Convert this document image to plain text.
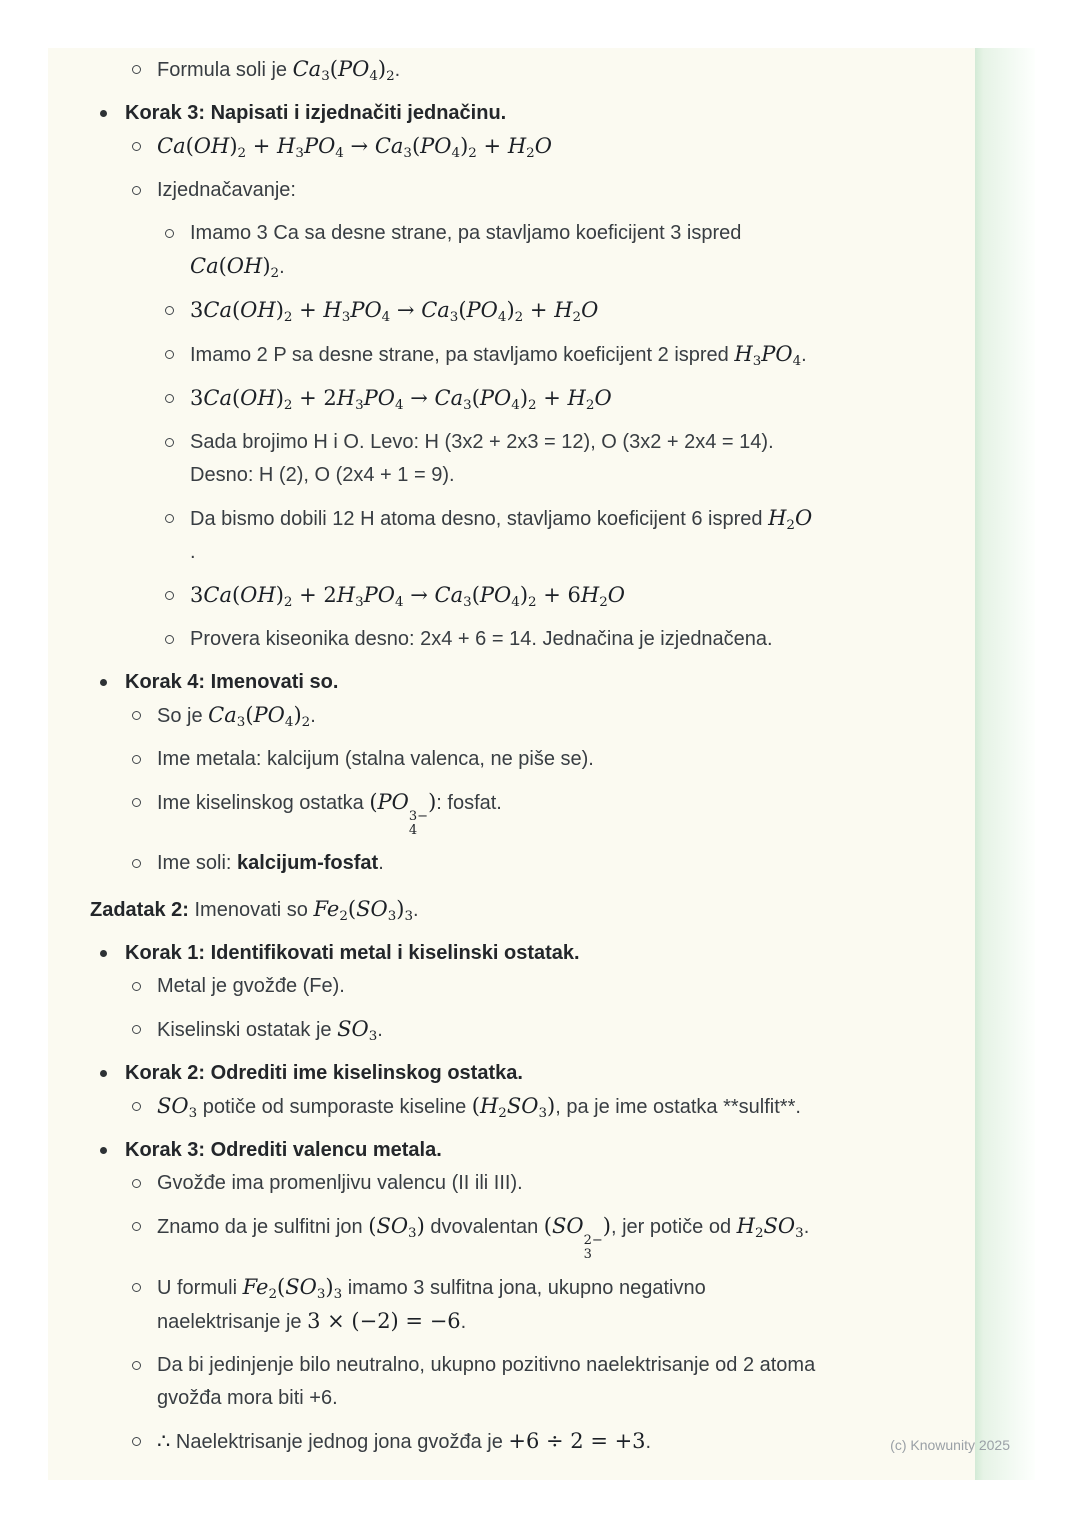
Formula soli je $Ca_3(PO_4)_2$.
Korak 3: Napisati i izjednačiti jednačinu.
$Ca(OH)_2 + H_3PO_4 \to Ca_3(PO_4)_2 + H_2O$
Izjednačavanje:
Imamo 3 Ca sa desne strane, pa stavljamo koeficijent 3 ispred
$Ca(OH)_2$.
$3Ca(OH)_2 + H_3PO_4 \to Ca_3(PO_4)_2 + H_2O$
Imamo 2 P sa desne strane, pa stavljamo koeficijent 2 ispred $H_3PO_4$.
$3Ca(OH)_2 + 2H_3PO_4 \to Ca_3(PO_4)_2 + H_2O$
Sada brojimo H i O. Levo: H (3x2 + 2x3 = 12), O (3x2 + 2x4 = 14).
Desno: H (2), O (2x4 + 1 = 9).
Da bismo dobili 12 H atoma desno, stavljamo koeficijent 6 ispred $H_2O$
.
$3Ca(OH)_2 + 2H_3PO_4 \to Ca_3(PO_4)_2 + 6H_2O$
Provera kiseonika desno: 2x4 + 6 = 14. Jednačina je izjednačena.
Korak 4: Imenovati so.
So je $Ca_3(PO_4)_2$.
Ime metala: kalcijum (stalna valenca, ne piše se).
Ime kiselinskog ostatka (PO
3−
4
): fosfat.
Ime soli: kalcijum-fosfat.
Zadatak 2: Imenovati so $Fe_2(SO_3)_3$.
Korak 1: Identifikovati metal i kiselinski ostatak.
Metal je gvožđe (Fe).
Kiselinski ostatak je $SO_3$.
Korak 2: Odrediti ime kiselinskog ostatka.
$SO_3$ potiče od sumporaste kiseline $(H_2SO_3)$, pa je ime ostatka **sulfit**.
Korak 3: Odrediti valencu metala.
Gvožđe ima promenljivu valencu (II ili III).
Znamo da je sulfitni jon $(SO_3)$ dvovalentan (SO
2−
3
), jer potiče od $H_2SO_3$.
U formuli $Fe_2(SO_3)_3$ imamo 3 sulfitna jona, ukupno negativno
naelektrisanje je 3 × (−2) = −6.
Da bi jedinjenje bilo neutralno, ukupno pozitivno naelektrisanje od 2 atoma
gvožđa mora biti +6.
∴ Naelektrisanje jednog jona gvožđa je +6 ÷ 2 = +3.	(c) Knowunity 2025
